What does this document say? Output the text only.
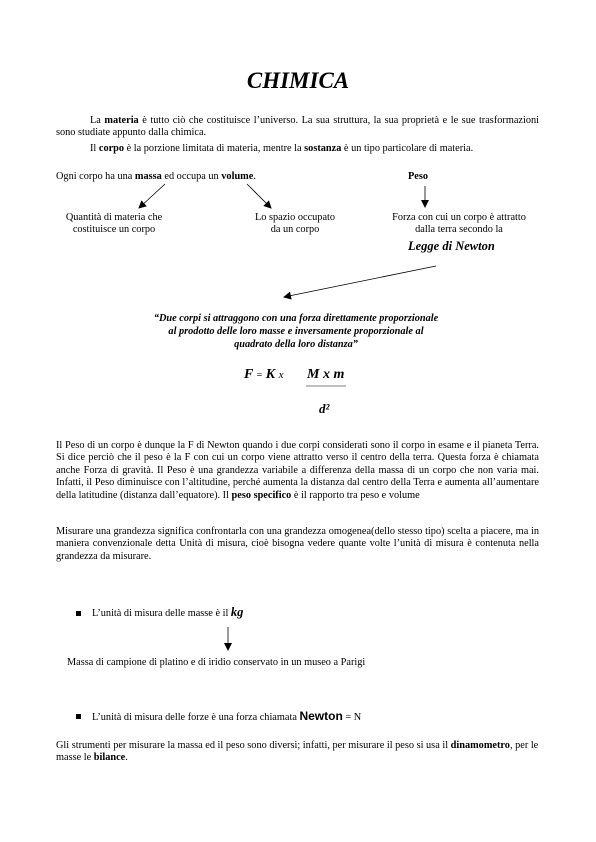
CHIMICA
La materia è tutto ciò che costituisce l’universo. La sua struttura, la sua proprietà e le sue trasformazioni sono studiate appunto dalla chimica.
Il corpo è la porzione limitata di materia, mentre la sostanza è un tipo particolare di materia.
Ogni corpo ha una massa ed occupa un volume.	Peso
Quantità di materia che
costituisce un corpo
Lo spazio occupato
da un corpo
Forza con cui un corpo è attratto
dalla terra secondo la
Legge di Newton
“Due corpi si attraggono con una forza direttamente proporzionale
al prodotto delle loro masse e inversamente proporzionale al
quadrato della loro distanza”
F = K x M x m
d²
Il Peso di un corpo è dunque la F di Newton quando i due corpi considerati sono il corpo in esame e il pianeta Terra. Si dice perciò che il peso è la F con cui un corpo viene attratto verso il centro della terra. Questa forza è chiamata anche Forza di gravità. Il Peso è una grandezza variabile a differenza della massa di un corpo che non varia mai. Infatti, il Peso diminuisce con l’altitudine, perché aumenta la distanza dal centro della Terra e aumenta all’aumentare della latitudine (distanza dall’equatore). Il peso specifico è il rapporto tra peso e volume
Misurare una grandezza significa confrontarla con una grandezza omogenea(dello stesso tipo) scelta a piacere, ma in maniera convenzionale detta Unità di misura, cioè bisogna vedere quante volte l’unità di misura è contenuta nella grandezza da misurare.
L’unità di misura delle masse è il kg
Massa di campione di platino e di iridio conservato in un museo a Parigi
L’unità di misura delle forze è una forza chiamata Newton = N
Gli strumenti per misurare la massa ed il peso sono diversi; infatti, per misurare il peso si usa il dinamometro, per le masse le bilance.
